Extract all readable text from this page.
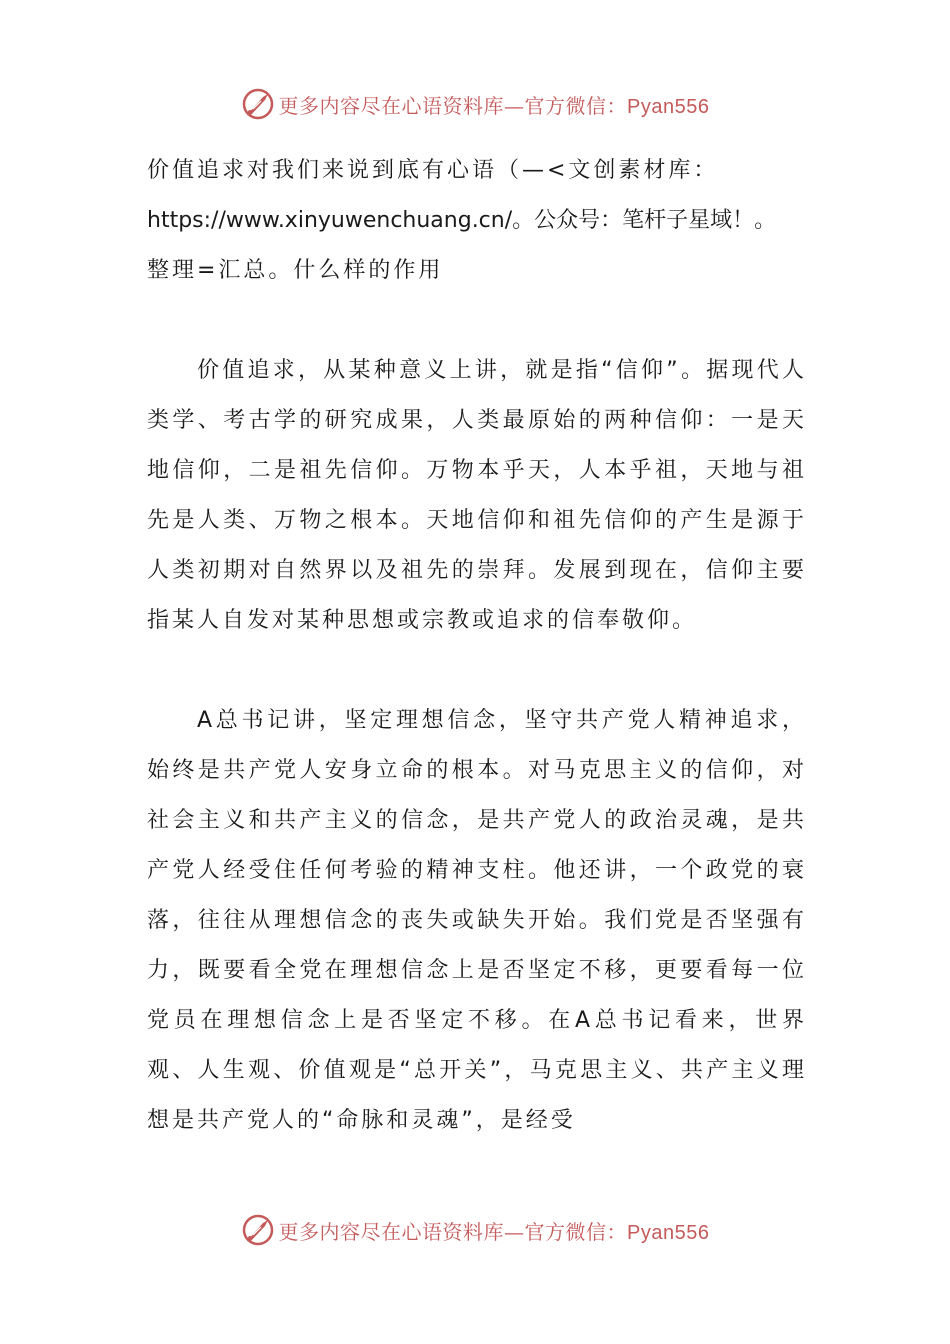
更多内容尽在心语资料库—官方微信：Pyan556

价值追求对我们来说到底有心语（—<文创素材库：

https://www.xinyuwenchuang.cn/。公众号：笔杆子星域！。

整理=汇总。什么样的作用

价值追求，从某种意义上讲，就是指“信仰”。据现代人类学、考古学的研究成果，人类最原始的两种信仰：一是天地信仰，二是祖先信仰。万物本乎天，人本乎祖，天地与祖先是人类、万物之根本。天地信仰和祖先信仰的产生是源于人类初期对自然界以及祖先的崇拜。发展到现在，信仰主要指某人自发对某种思想或宗教或追求的信奉敬仰。

A总书记讲，坚定理想信念，坚守共产党人精神追求，始终是共产党人安身立命的根本。对马克思主义的信仰，对社会主义和共产主义的信念，是共产党人的政治灵魂，是共产党人经受住任何考验的精神支柱。他还讲，一个政党的衰落，往往从理想信念的丧失或缺失开始。我们党是否坚强有力，既要看全党在理想信念上是否坚定不移，更要看每一位党员在理想信念上是否坚定不移。在A总书记看来，世界观、人生观、价值观是“总开关”，马克思主义、共产主义理想是共产党人的“命脉和灵魂”，是经受

更多内容尽在心语资料库—官方微信：Pyan556
